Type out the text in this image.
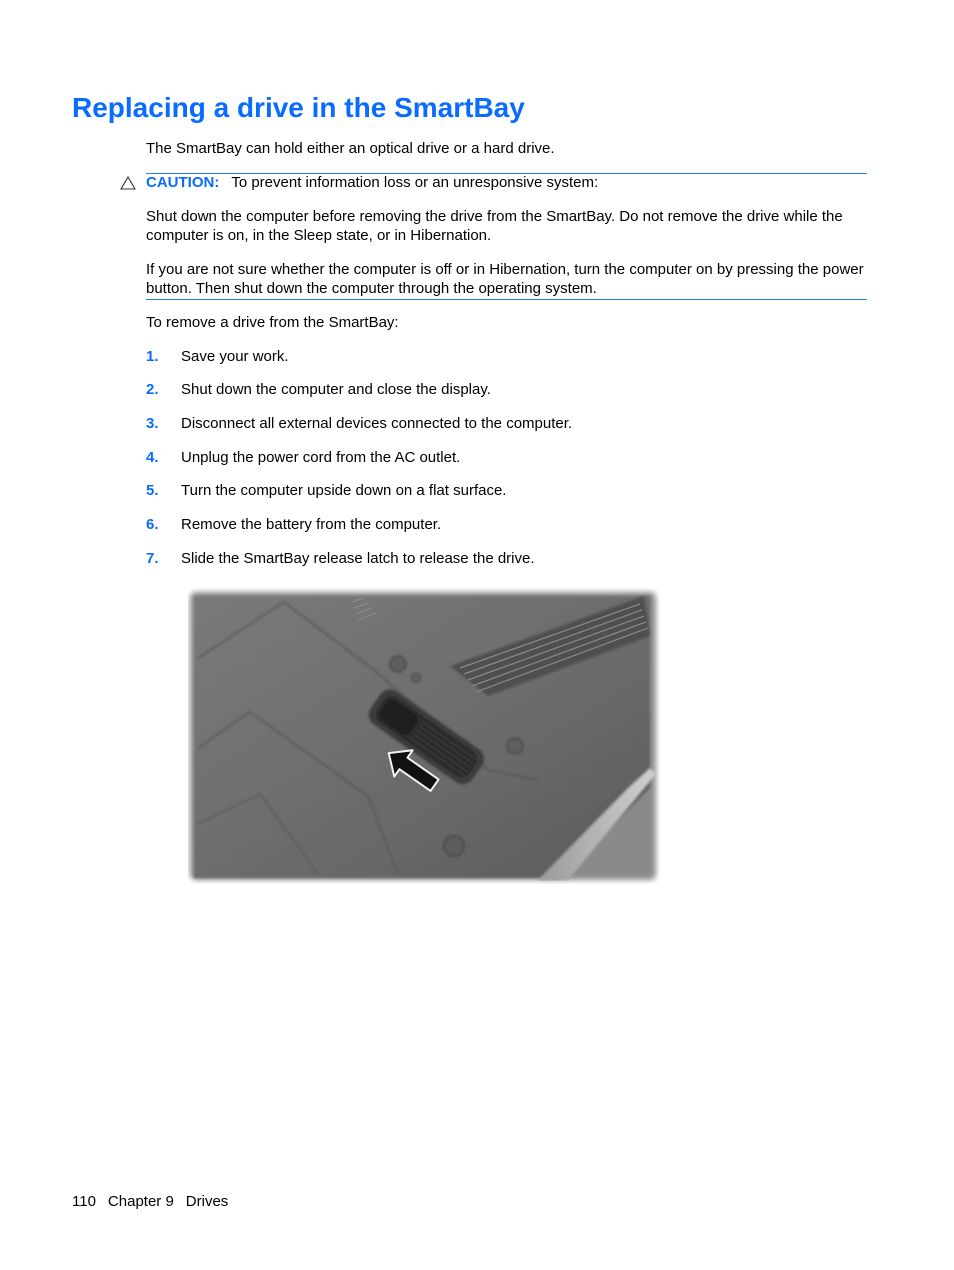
Replacing a drive in the SmartBay

The SmartBay can hold either an optical drive or a hard drive.

CAUTION: To prevent information loss or an unresponsive system:

Shut down the computer before removing the drive from the SmartBay. Do not remove the drive while the computer is on, in the Sleep state, or in Hibernation.

If you are not sure whether the computer is off or in Hibernation, turn the computer on by pressing the power button. Then shut down the computer through the operating system.

To remove a drive from the SmartBay:

1. Save your work.
2. Shut down the computer and close the display.
3. Disconnect all external devices connected to the computer.
4. Unplug the power cord from the AC outlet.
5. Turn the computer upside down on a flat surface.
6. Remove the battery from the computer.
7. Slide the SmartBay release latch to release the drive.
110 Chapter 9 Drives
